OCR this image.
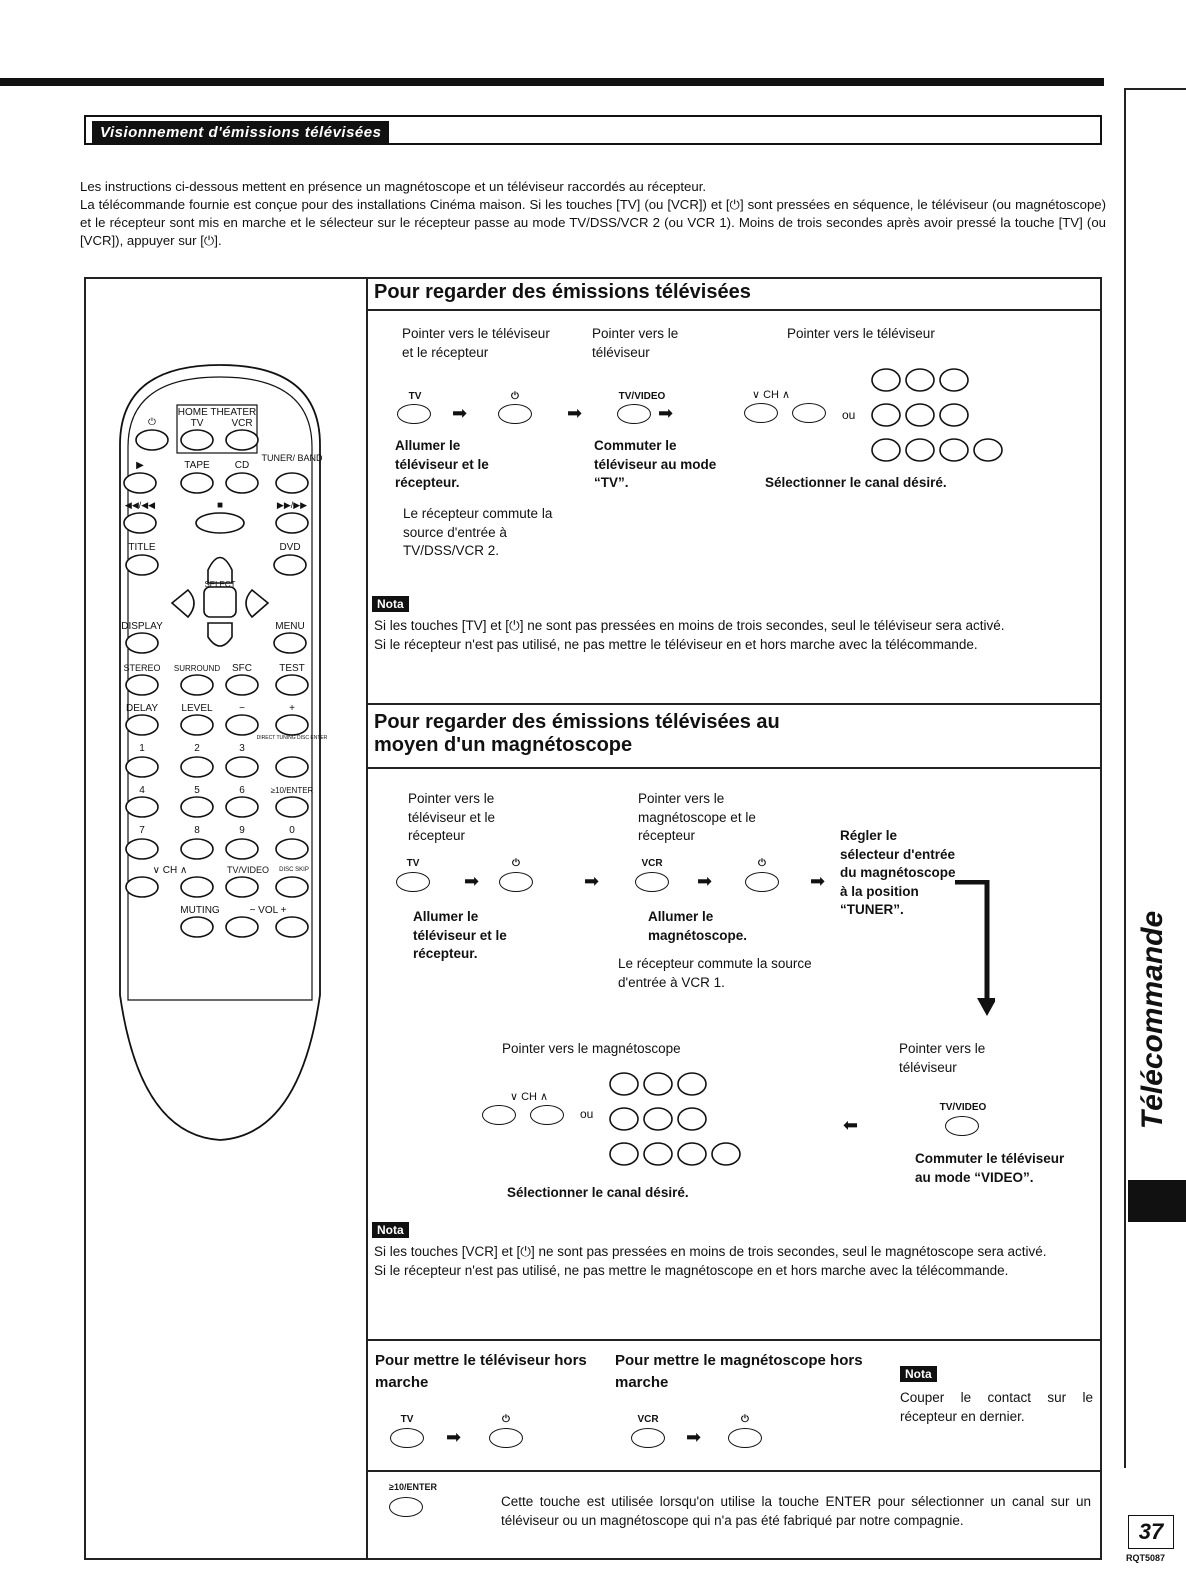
Visionnement d'émissions télévisées

Les instructions ci-dessous mettent en présence un magnétoscope et un téléviseur raccordés au récepteur.

La télécommande fournie est conçue pour des installations Cinéma maison. Si les touches [TV] (ou [VCR]) et [⏻] sont pressées en séquence, le téléviseur (ou magnétoscope) et le récepteur sont mis en marche et le sélecteur sur le récepteur passe au mode TV/DSS/VCR 2 (ou VCR 1). Moins de trois secondes après avoir pressé la touche [TV] (ou [VCR]), appuyer sur [⏻].

⏻
HOME THEATER
TV	VCR
▶	TAPE	CD
TUNER/ BAND
◀◀/◀◀	■	▶▶/▶▶
TITLE	DVD
SELECT
DISPLAY	MENU
STEREO SURROUND SFC	TEST
DELAY LEVEL	−	+
DIRECT TUNING DISC ENTER
1	2	3
4	5	6	≥10/ENTER
7	8	9	0
∨ CH ∧	TV/VIDEO DISC SKIP
MUTING	− VOL +
Pour regarder des émissions télévisées
Pointer vers le téléviseur et le récepteur
Pointer vers le téléviseur
Pointer vers le téléviseur
TV
➡
⏻
➡
TV/VIDEO
➡
∨ CH ∧
ou
Allumer le téléviseur et le récepteur.
Commuter le téléviseur au mode “TV”.	Sélectionner le canal désiré.
Le récepteur commute la source d'entrée à TV/DSS/VCR 2.
Nota

Si les touches [TV] et [⏻] ne sont pas pressées en moins de trois secondes, seul le téléviseur sera activé.

Si le récepteur n'est pas utilisé, ne pas mettre le téléviseur en et hors marche avec la télécommande.

Pour regarder des émissions télévisées au
moyen d'un magnétoscope
Pointer vers le téléviseur et le récepteur
Pointer vers le magnétoscope et le récepteur	Régler le sélecteur d'entrée du magnétoscope à la position “TUNER”.
TV
➡
⏻
➡
VCR
➡
⏻
➡
Allumer le téléviseur et le récepteur.
Allumer le magnétoscope.
Le récepteur commute la source d'entrée à VCR 1.
Pointer vers le magnétoscope	Pointer vers le téléviseur
∨ CH ∧
ou
⬅
TV/VIDEO
Sélectionner le canal désiré.
Commuter le téléviseur au mode “VIDEO”.
Nota

Si les touches [VCR] et [⏻] ne sont pas pressées en moins de trois secondes, seul le magnétoscope sera activé.

Si le récepteur n'est pas utilisé, ne pas mettre le magnétoscope en et hors marche avec la télécommande.

Pour mettre le téléviseur hors marche
Pour mettre le magnétoscope hors marche	Nota
Couper le contact sur le récepteur en dernier.
TV
➡
⏻	VCR
➡
⏻
≥10/ENTER
Cette touche est utilisée lorsqu'on utilise la touche ENTER pour sélectionner un canal sur un téléviseur ou un magnétoscope qui n'a pas été fabriqué par notre compagnie.
Télécommande
37
RQT5087
